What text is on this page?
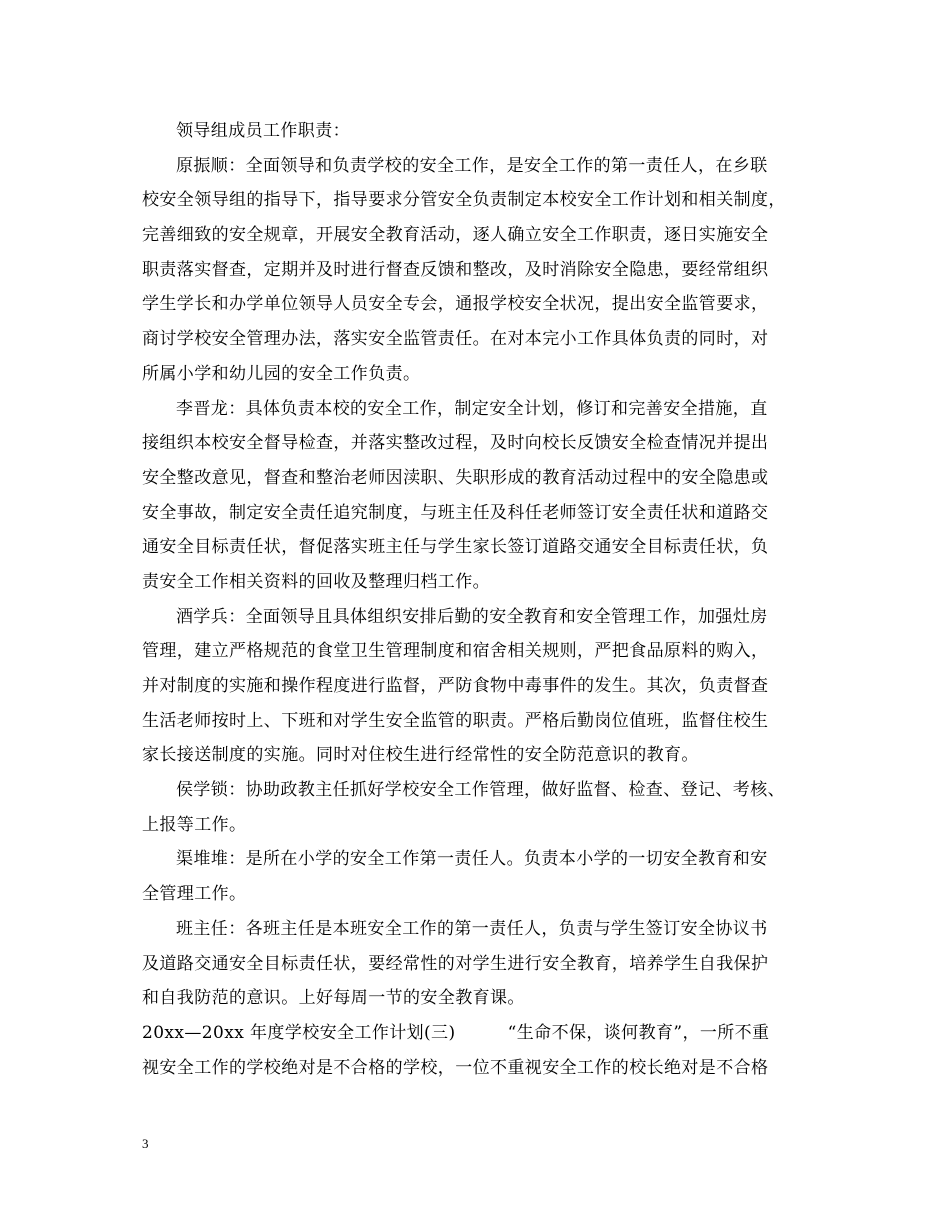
领导组成员工作职责：
原振顺：全面领导和负责学校的安全工作，是安全工作的第一责任人，在乡联
校安全领导组的指导下，指导要求分管安全负责制定本校安全工作计划和相关制度，
完善细致的安全规章，开展安全教育活动，逐人确立安全工作职责，逐日实施安全
职责落实督查，定期并及时进行督查反馈和整改，及时消除安全隐患，要经常组织
学生学长和办学单位领导人员安全专会，通报学校安全状况，提出安全监管要求，
商讨学校安全管理办法，落实安全监管责任。在对本完小工作具体负责的同时，对
所属小学和幼儿园的安全工作负责。
李晋龙：具体负责本校的安全工作，制定安全计划，修订和完善安全措施，直
接组织本校安全督导检查，并落实整改过程，及时向校长反馈安全检查情况并提出
安全整改意见，督查和整治老师因渎职、失职形成的教育活动过程中的安全隐患或
安全事故，制定安全责任追究制度，与班主任及科任老师签订安全责任状和道路交
通安全目标责任状，督促落实班主任与学生家长签订道路交通安全目标责任状，负
责安全工作相关资料的回收及整理归档工作。
酒学兵：全面领导且具体组织安排后勤的安全教育和安全管理工作，加强灶房
管理，建立严格规范的食堂卫生管理制度和宿舍相关规则，严把食品原料的购入，
并对制度的实施和操作程度进行监督，严防食物中毒事件的发生。其次，负责督查
生活老师按时上、下班和对学生安全监管的职责。严格后勤岗位值班，监督住校生
家长接送制度的实施。同时对住校生进行经常性的安全防范意识的教育。
侯学锁：协助政教主任抓好学校安全工作管理，做好监督、检查、登记、考核、
上报等工作。
渠堆堆：是所在小学的安全工作第一责任人。负责本小学的一切安全教育和安
全管理工作。
班主任：各班主任是本班安全工作的第一责任人，负责与学生签订安全协议书
及道路交通安全目标责任状，要经常性的对学生进行安全教育，培养学生自我保护
和自我防范的意识。上好每周一节的安全教育课。
20xx—20xx 年度学校安全工作计划(三)　　　“生命不保，谈何教育”，一所不重
视安全工作的学校绝对是不合格的学校，一位不重视安全工作的校长绝对是不合格
3
